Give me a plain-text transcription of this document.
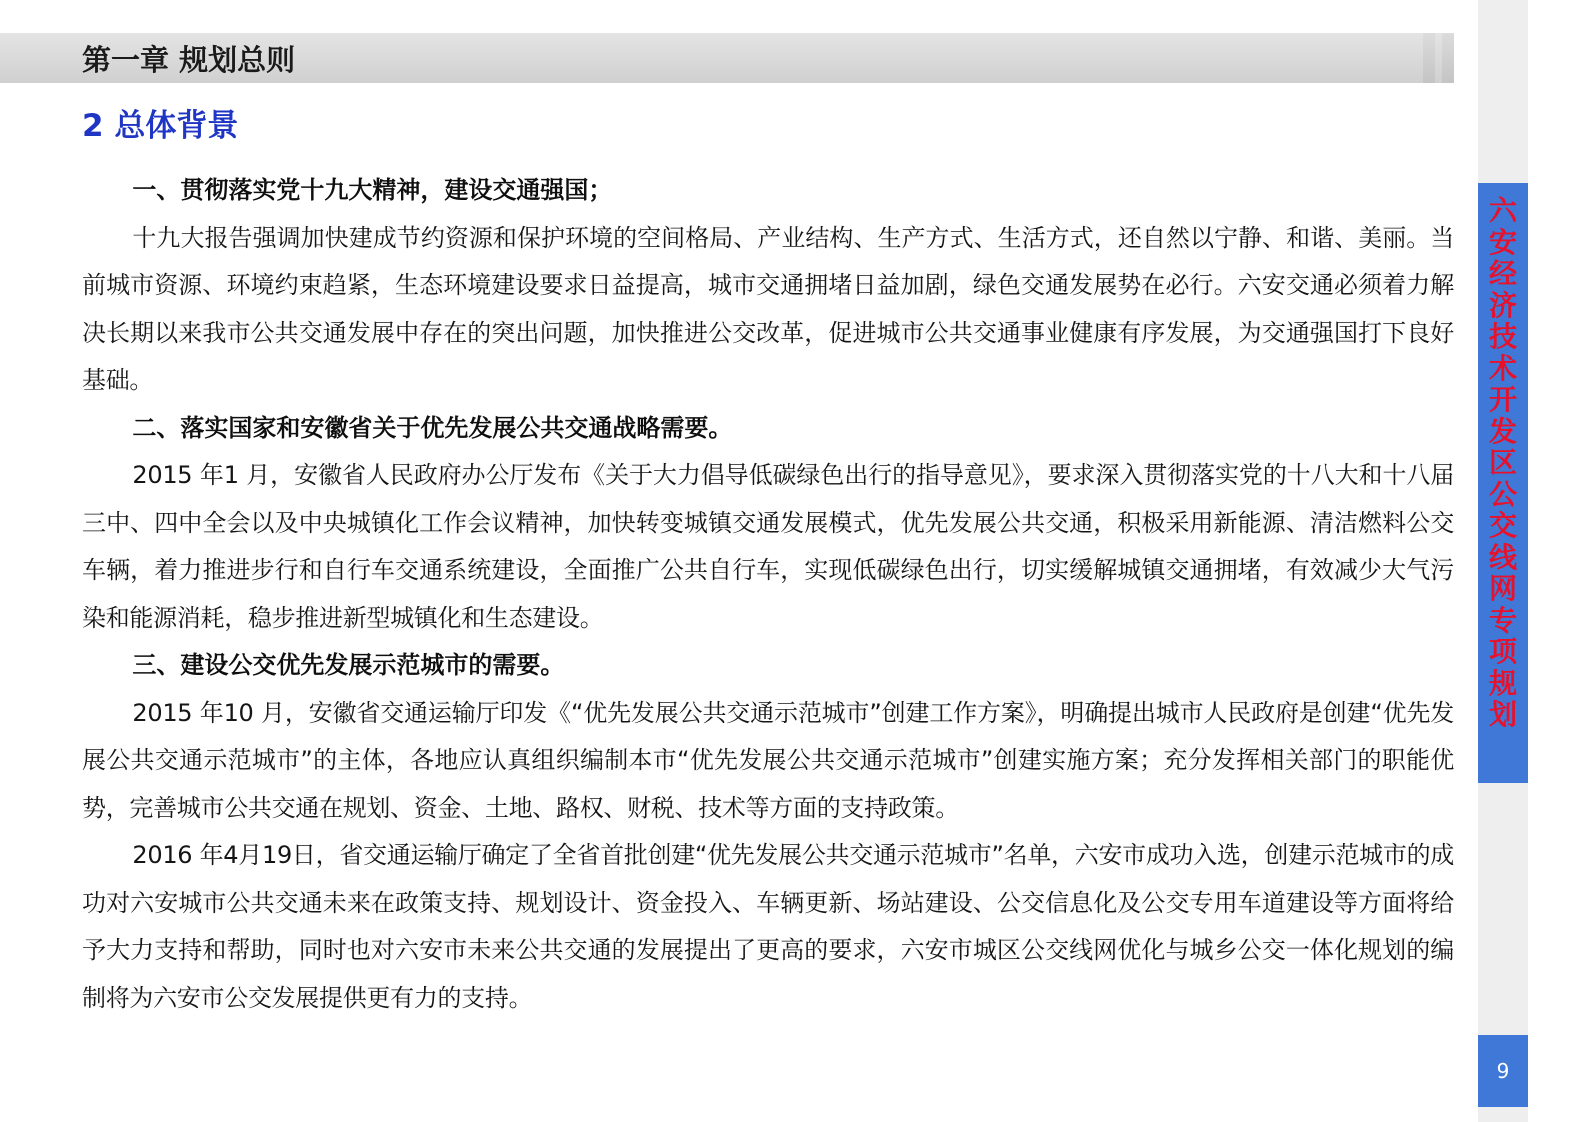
第一章 规划总则
六
安
经
济
技
术
开
发
区
公
交
线
网
专
项
规
划
9
2 总体背景

一、贯彻落实党十九大精神，建设交通强国；

十九大报告强调加快建成节约资源和保护环境的空间格局、产业结构、生产方式、生活方式，还自然以宁静、和谐、美丽。当前城市资源、环境约束趋紧，生态环境建设要求日益提高，城市交通拥堵日益加剧，绿色交通发展势在必行。六安交通必须着力解决长期以来我市公共交通发展中存在的突出问题，加快推进公交改革，促进城市公共交通事业健康有序发展，为交通强国打下良好基础。

二、落实国家和安徽省关于优先发展公共交通战略需要。

2015 年1 月，安徽省人民政府办公厅发布《关于大力倡导低碳绿色出行的指导意见》，要求深入贯彻落实党的十八大和十八届三中、四中全会以及中央城镇化工作会议精神，加快转变城镇交通发展模式，优先发展公共交通，积极采用新能源、清洁燃料公交车辆，着力推进步行和自行车交通系统建设，全面推广公共自行车，实现低碳绿色出行，切实缓解城镇交通拥堵，有效减少大气污染和能源消耗，稳步推进新型城镇化和生态建设。

三、建设公交优先发展示范城市的需要。

2015 年10 月，安徽省交通运输厅印发《“优先发展公共交通示范城市”创建工作方案》，明确提出城市人民政府是创建“优先发展公共交通示范城市”的主体，各地应认真组织编制本市“优先发展公共交通示范城市”创建实施方案；充分发挥相关部门的职能优势，完善城市公共交通在规划、资金、土地、路权、财税、技术等方面的支持政策。

2016 年4月19日，省交通运输厅确定了全省首批创建“优先发展公共交通示范城市”名单，六安市成功入选，创建示范城市的成功对六安城市公共交通未来在政策支持、规划设计、资金投入、车辆更新、场站建设、公交信息化及公交专用车道建设等方面将给予大力支持和帮助，同时也对六安市未来公共交通的发展提出了更高的要求，六安市城区公交线网优化与城乡公交一体化规划的编制将为六安市公交发展提供更有力的支持。
